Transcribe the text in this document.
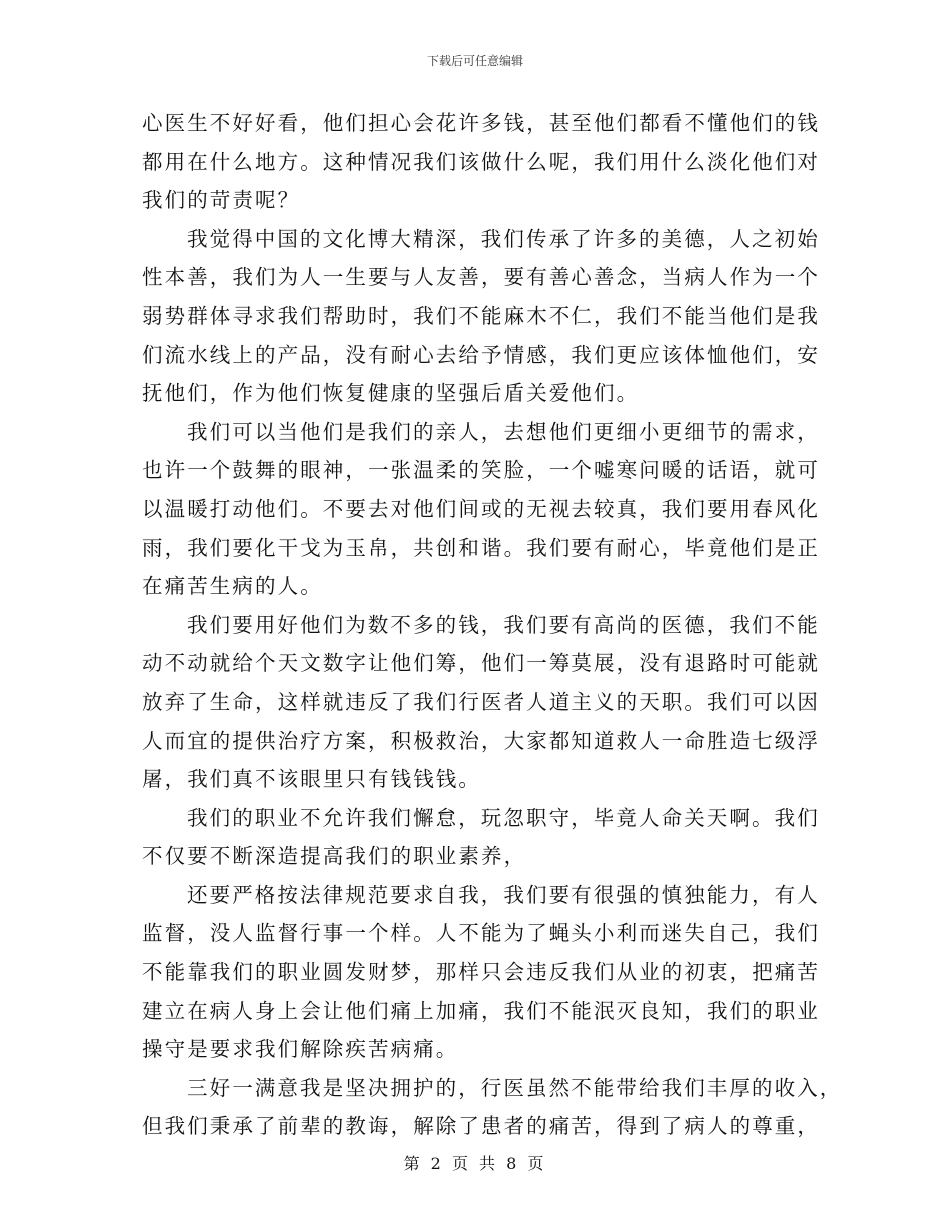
下载后可任意编辑
心医生不好好看，他们担心会花许多钱，甚至他们都看不懂他们的钱
都用在什么地方。这种情况我们该做什么呢，我们用什么淡化他们对
我们的苛责呢？
我觉得中国的文化博大精深，我们传承了许多的美德，人之初始
性本善，我们为人一生要与人友善，要有善心善念，当病人作为一个
弱势群体寻求我们帮助时，我们不能麻木不仁，我们不能当他们是我
们流水线上的产品，没有耐心去给予情感，我们更应该体恤他们，安
抚他们，作为他们恢复健康的坚强后盾关爱他们。
我们可以当他们是我们的亲人，去想他们更细小更细节的需求，
也许一个鼓舞的眼神，一张温柔的笑脸，一个嘘寒问暖的话语，就可
以温暖打动他们。不要去对他们间或的无视去较真，我们要用春风化
雨，我们要化干戈为玉帛，共创和谐。我们要有耐心，毕竟他们是正
在痛苦生病的人。
我们要用好他们为数不多的钱，我们要有高尚的医德，我们不能
动不动就给个天文数字让他们筹，他们一筹莫展，没有退路时可能就
放弃了生命，这样就违反了我们行医者人道主义的天职。我们可以因
人而宜的提供治疗方案，积极救治，大家都知道救人一命胜造七级浮
屠，我们真不该眼里只有钱钱钱。
我们的职业不允许我们懈怠，玩忽职守，毕竟人命关天啊。我们
不仅要不断深造提高我们的职业素养，
还要严格按法律规范要求自我，我们要有很强的慎独能力，有人
监督，没人监督行事一个样。人不能为了蝇头小利而迷失自己，我们
不能靠我们的职业圆发财梦，那样只会违反我们从业的初衷，把痛苦
建立在病人身上会让他们痛上加痛，我们不能泯灭良知，我们的职业
操守是要求我们解除疾苦病痛。
三好一满意我是坚决拥护的，行医虽然不能带给我们丰厚的收入，
但我们秉承了前辈的教诲，解除了患者的痛苦，得到了病人的尊重，
第 2 页 共 8 页
